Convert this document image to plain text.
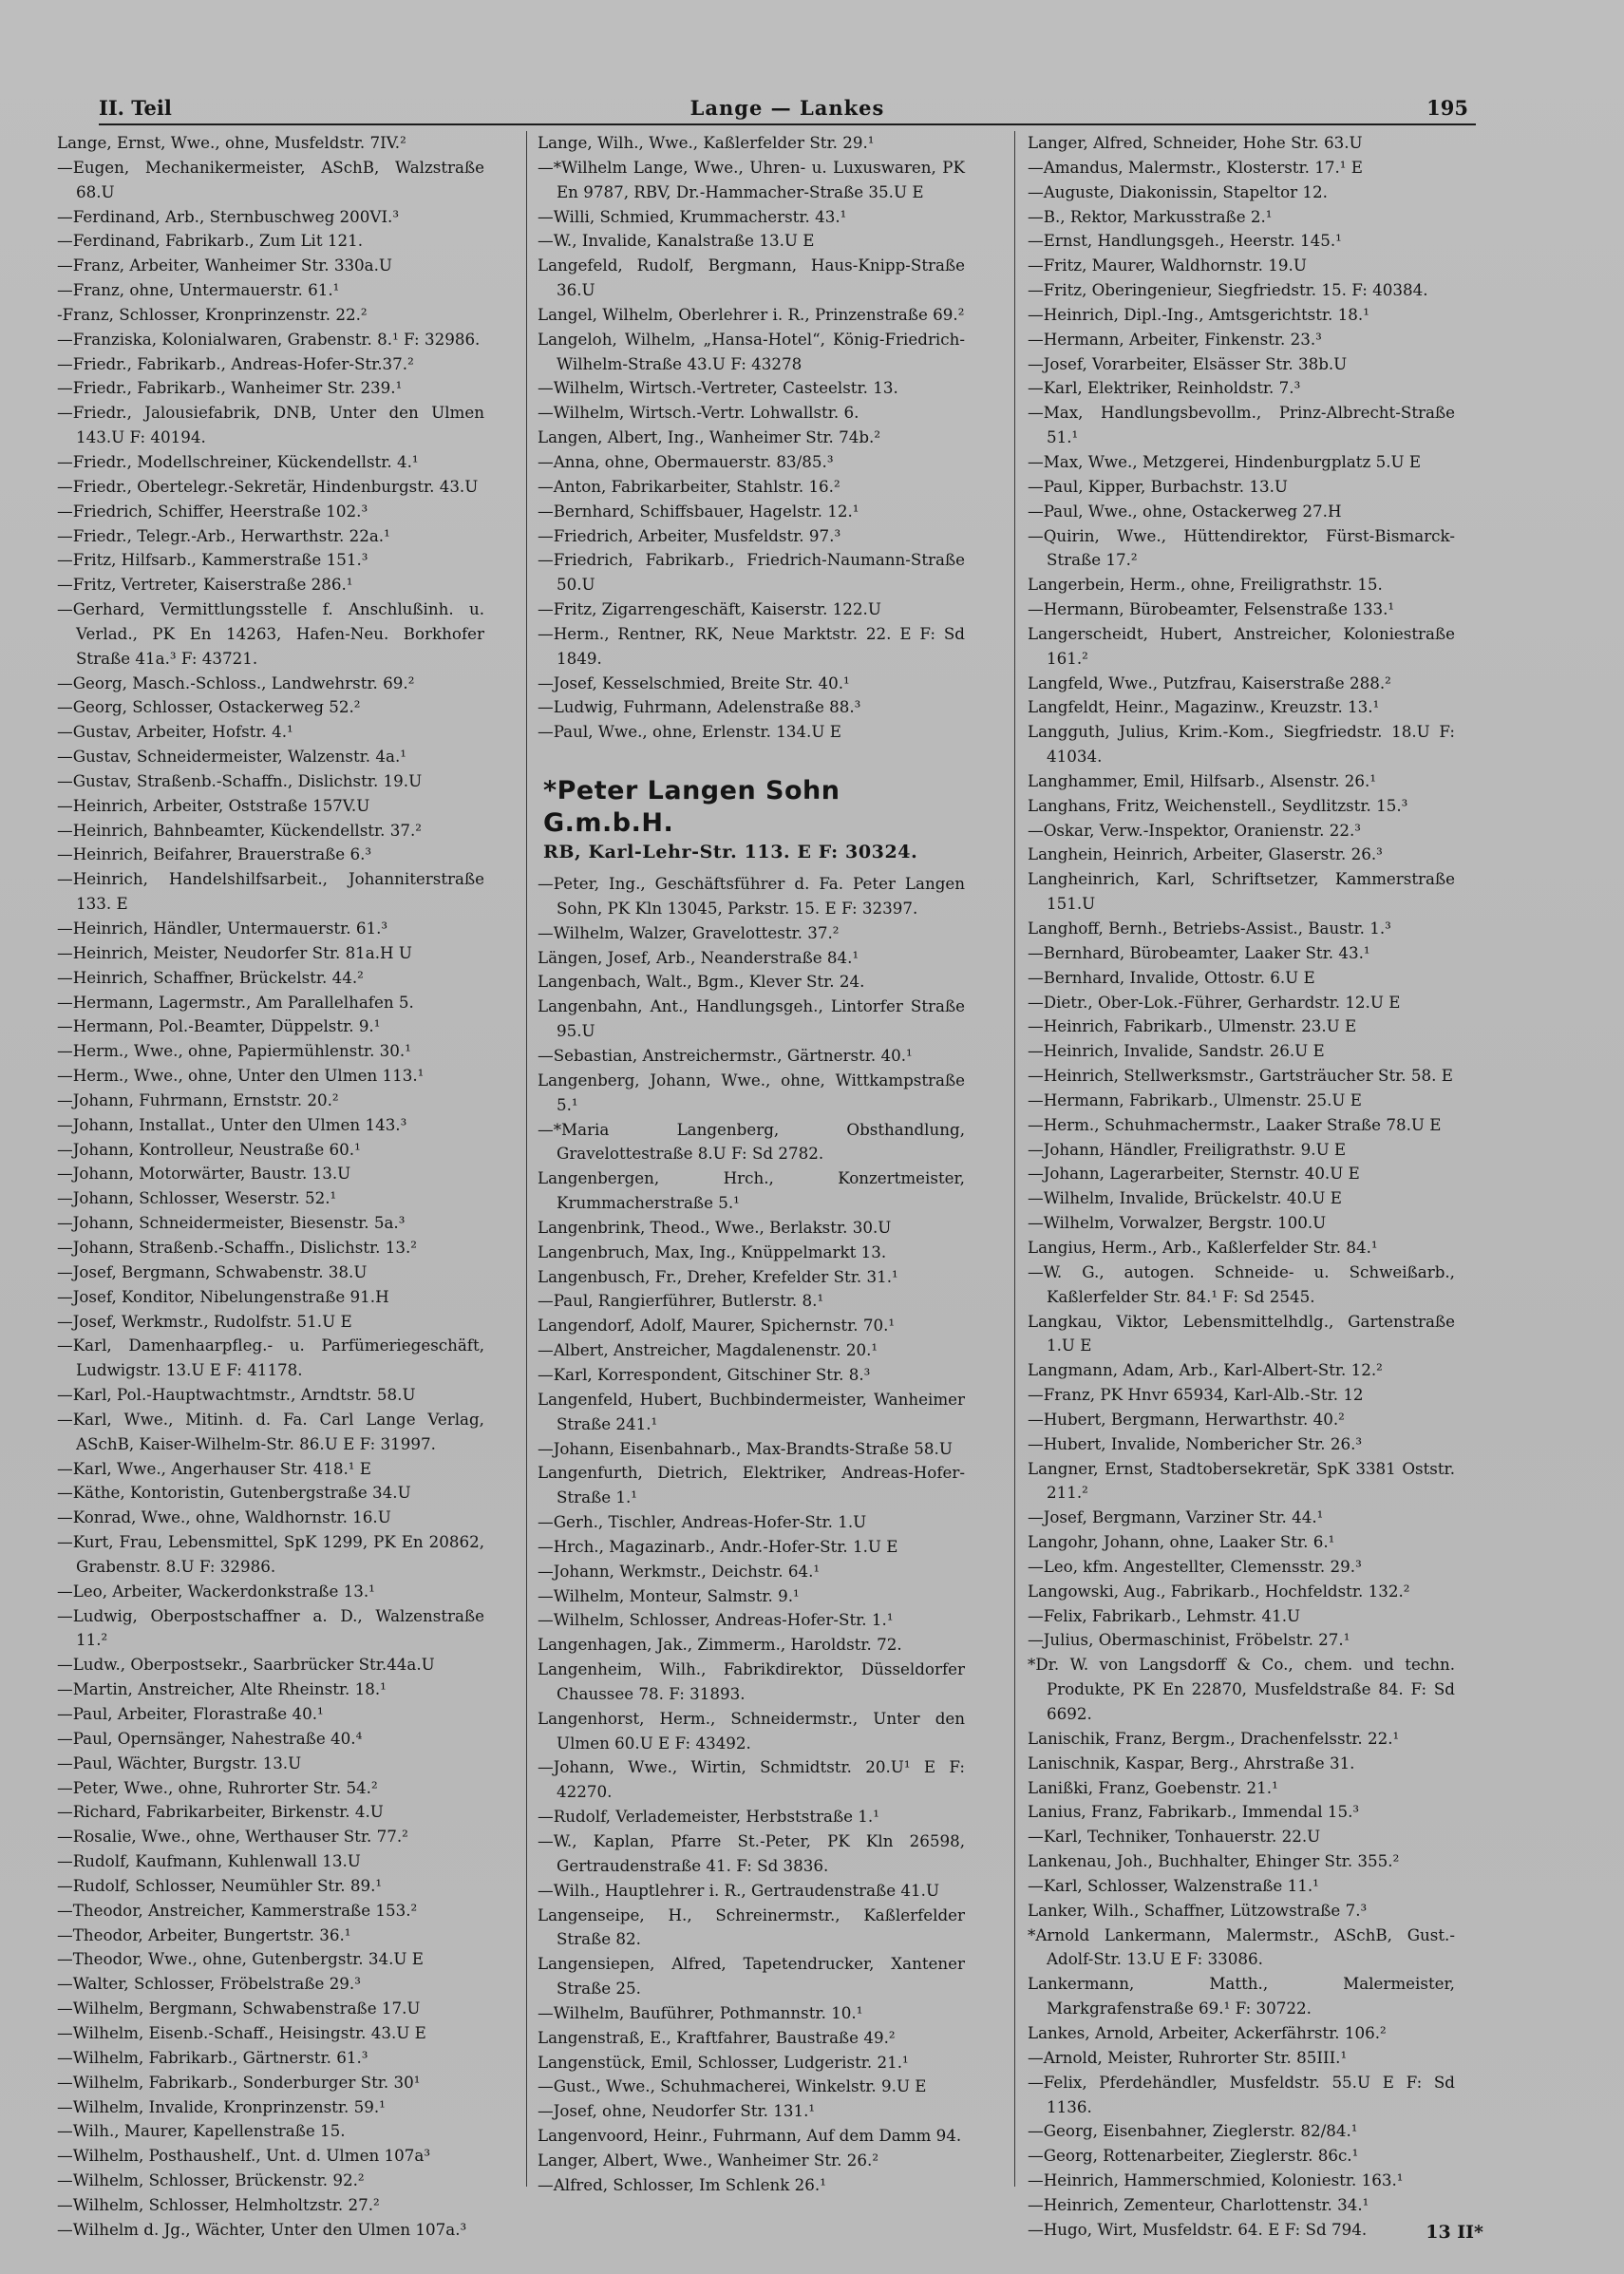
II. Teil	Lange — Lankes	195

Lange, Ernst, Wwe., ohne, Musfeldstr. 7IV.²

—Eugen, Mechanikermeister, ASchB, Walzstraße 68.U

—Ferdinand, Arb., Sternbuschweg 200VI.³

—Ferdinand, Fabrikarb., Zum Lit 121.

—Franz, Arbeiter, Wanheimer Str. 330a.U

—Franz, ohne, Untermauerstr. 61.¹

-Franz, Schlosser, Kronprinzenstr. 22.²

—Franziska, Kolonialwaren, Grabenstr. 8.¹ F: 32986.

—Friedr., Fabrikarb., Andreas-Hofer-Str.37.²

—Friedr., Fabrikarb., Wanheimer Str. 239.¹

—Friedr., Jalousiefabrik, DNB, Unter den Ulmen 143.U F: 40194.

—Friedr., Modellschreiner, Kückendellstr. 4.¹

—Friedr., Obertelegr.-Sekretär, Hindenburgstr. 43.U

—Friedrich, Schiffer, Heerstraße 102.³

—Friedr., Telegr.-Arb., Herwarthstr. 22a.¹

—Fritz, Hilfsarb., Kammerstraße 151.³

—Fritz, Vertreter, Kaiserstraße 286.¹

—Gerhard, Vermittlungsstelle f. Anschlußinh. u. Verlad., PK En 14263, Hafen-Neu. Borkhofer Straße 41a.³ F: 43721.

—Georg, Masch.-Schloss., Landwehrstr. 69.²

—Georg, Schlosser, Ostackerweg 52.²

—Gustav, Arbeiter, Hofstr. 4.¹

—Gustav, Schneidermeister, Walzenstr. 4a.¹

—Gustav, Straßenb.-Schaffn., Dislichstr. 19.U

—Heinrich, Arbeiter, Oststraße 157V.U

—Heinrich, Bahnbeamter, Kückendellstr. 37.²

—Heinrich, Beifahrer, Brauerstraße 6.³

—Heinrich, Handelshilfsarbeit., Johanniterstraße 133. E

—Heinrich, Händler, Untermauerstr. 61.³

—Heinrich, Meister, Neudorfer Str. 81a.H U

—Heinrich, Schaffner, Brückelstr. 44.²

—Hermann, Lagermstr., Am Parallelhafen 5.

—Hermann, Pol.-Beamter, Düppelstr. 9.¹

—Herm., Wwe., ohne, Papiermühlenstr. 30.¹

—Herm., Wwe., ohne, Unter den Ulmen 113.¹

—Johann, Fuhrmann, Ernststr. 20.²

—Johann, Installat., Unter den Ulmen 143.³

—Johann, Kontrolleur, Neustraße 60.¹

—Johann, Motorwärter, Baustr. 13.U

—Johann, Schlosser, Weserstr. 52.¹

—Johann, Schneidermeister, Biesenstr. 5a.³

—Johann, Straßenb.-Schaffn., Dislichstr. 13.²

—Josef, Bergmann, Schwabenstr. 38.U

—Josef, Konditor, Nibelungenstraße 91.H

—Josef, Werkmstr., Rudolfstr. 51.U E

—Karl, Damenhaarpfleg.- u. Parfümeriegeschäft, Ludwigstr. 13.U E F: 41178.

—Karl, Pol.-Hauptwachtmstr., Arndtstr. 58.U

—Karl, Wwe., Mitinh. d. Fa. Carl Lange Verlag, ASchB, Kaiser-Wilhelm-Str. 86.U E F: 31997.

—Karl, Wwe., Angerhauser Str. 418.¹ E

—Käthe, Kontoristin, Gutenbergstraße 34.U

—Konrad, Wwe., ohne, Waldhornstr. 16.U

—Kurt, Frau, Lebensmittel, SpK 1299, PK En 20862, Grabenstr. 8.U F: 32986.

—Leo, Arbeiter, Wackerdonkstraße 13.¹

—Ludwig, Oberpostschaffner a. D., Walzenstraße 11.²

—Ludw., Oberpostsekr., Saarbrücker Str.44a.U

—Martin, Anstreicher, Alte Rheinstr. 18.¹

—Paul, Arbeiter, Florastraße 40.¹

—Paul, Opernsänger, Nahestraße 40.⁴

—Paul, Wächter, Burgstr. 13.U

—Peter, Wwe., ohne, Ruhrorter Str. 54.²

—Richard, Fabrikarbeiter, Birkenstr. 4.U

—Rosalie, Wwe., ohne, Werthauser Str. 77.²

—Rudolf, Kaufmann, Kuhlenwall 13.U

—Rudolf, Schlosser, Neumühler Str. 89.¹

—Theodor, Anstreicher, Kammerstraße 153.²

—Theodor, Arbeiter, Bungertstr. 36.¹

—Theodor, Wwe., ohne, Gutenbergstr. 34.U E

—Walter, Schlosser, Fröbelstraße 29.³

—Wilhelm, Bergmann, Schwabenstraße 17.U

—Wilhelm, Eisenb.-Schaff., Heisingstr. 43.U E

—Wilhelm, Fabrikarb., Gärtnerstr. 61.³

—Wilhelm, Fabrikarb., Sonderburger Str. 30¹

—Wilhelm, Invalide, Kronprinzenstr. 59.¹

—Wilh., Maurer, Kapellenstraße 15.

—Wilhelm, Posthaushelf., Unt. d. Ulmen 107a³

—Wilhelm, Schlosser, Brückenstr. 92.²

—Wilhelm, Schlosser, Helmholtzstr. 27.²

—Wilhelm d. Jg., Wächter, Unter den Ulmen 107a.³

Lange, Wilh., Wwe., Kaßlerfelder Str. 29.¹

—*Wilhelm Lange, Wwe., Uhren- u. Luxuswaren, PK En 9787, RBV, Dr.-Hammacher-Straße 35.U E

—Willi, Schmied, Krummacherstr. 43.¹

—W., Invalide, Kanalstraße 13.U E

Langefeld, Rudolf, Bergmann, Haus-Knipp-Straße 36.U

Langel, Wilhelm, Oberlehrer i. R., Prinzenstraße 69.²

Langeloh, Wilhelm, „Hansa-Hotel“, König-Friedrich-Wilhelm-Straße 43.U F: 43278

—Wilhelm, Wirtsch.-Vertreter, Casteelstr. 13.

—Wilhelm, Wirtsch.-Vertr. Lohwallstr. 6.

Langen, Albert, Ing., Wanheimer Str. 74b.²

—Anna, ohne, Obermauerstr. 83/85.³

—Anton, Fabrikarbeiter, Stahlstr. 16.²

—Bernhard, Schiffsbauer, Hagelstr. 12.¹

—Friedrich, Arbeiter, Musfeldstr. 97.³

—Friedrich, Fabrikarb., Friedrich-Naumann-Straße 50.U

—Fritz, Zigarrengeschäft, Kaiserstr. 122.U

—Herm., Rentner, RK, Neue Marktstr. 22. E F: Sd 1849.

—Josef, Kesselschmied, Breite Str. 40.¹

—Ludwig, Fuhrmann, Adelenstraße 88.³

—Paul, Wwe., ohne, Erlenstr. 134.U E

*Peter Langen Sohn G.m.b.H.
RB, Karl-Lehr-Str. 113. E F: 30324.

—Peter, Ing., Geschäftsführer d. Fa. Peter Langen Sohn, PK Kln 13045, Parkstr. 15. E F: 32397.

—Wilhelm, Walzer, Gravelottestr. 37.²

Längen, Josef, Arb., Neanderstraße 84.¹

Langenbach, Walt., Bgm., Klever Str. 24.

Langenbahn, Ant., Handlungsgeh., Lintorfer Straße 95.U

—Sebastian, Anstreichermstr., Gärtnerstr. 40.¹

Langenberg, Johann, Wwe., ohne, Wittkampstraße 5.¹

—*Maria Langenberg, Obsthandlung, Gravelottestraße 8.U F: Sd 2782.

Langenbergen, Hrch., Konzertmeister, Krummacherstraße 5.¹

Langenbrink, Theod., Wwe., Berlakstr. 30.U

Langenbruch, Max, Ing., Knüppelmarkt 13.

Langenbusch, Fr., Dreher, Krefelder Str. 31.¹

—Paul, Rangierführer, Butlerstr. 8.¹

Langendorf, Adolf, Maurer, Spichernstr. 70.¹

—Albert, Anstreicher, Magdalenenstr. 20.¹

—Karl, Korrespondent, Gitschiner Str. 8.³

Langenfeld, Hubert, Buchbindermeister, Wanheimer Straße 241.¹

—Johann, Eisenbahnarb., Max-Brandts-Straße 58.U

Langenfurth, Dietrich, Elektriker, Andreas-Hofer-Straße 1.¹

—Gerh., Tischler, Andreas-Hofer-Str. 1.U

—Hrch., Magazinarb., Andr.-Hofer-Str. 1.U E

—Johann, Werkmstr., Deichstr. 64.¹

—Wilhelm, Monteur, Salmstr. 9.¹

—Wilhelm, Schlosser, Andreas-Hofer-Str. 1.¹

Langenhagen, Jak., Zimmerm., Haroldstr. 72.

Langenheim, Wilh., Fabrikdirektor, Düsseldorfer Chaussee 78. F: 31893.

Langenhorst, Herm., Schneidermstr., Unter den Ulmen 60.U E F: 43492.

—Johann, Wwe., Wirtin, Schmidtstr. 20.U¹ E F: 42270.

—Rudolf, Verlademeister, Herbststraße 1.¹

—W., Kaplan, Pfarre St.-Peter, PK Kln 26598, Gertraudenstraße 41. F: Sd 3836.

—Wilh., Hauptlehrer i. R., Gertraudenstraße 41.U

Langenseipe, H., Schreinermstr., Kaßlerfelder Straße 82.

Langensiepen, Alfred, Tapetendrucker, Xantener Straße 25.

—Wilhelm, Bauführer, Pothmannstr. 10.¹

Langenstraß, E., Kraftfahrer, Baustraße 49.²

Langenstück, Emil, Schlosser, Ludgeristr. 21.¹

—Gust., Wwe., Schuhmacherei, Winkelstr. 9.U E

—Josef, ohne, Neudorfer Str. 131.¹

Langenvoord, Heinr., Fuhrmann, Auf dem Damm 94.

Langer, Albert, Wwe., Wanheimer Str. 26.²

—Alfred, Schlosser, Im Schlenk 26.¹

Langer, Alfred, Schneider, Hohe Str. 63.U

—Amandus, Malermstr., Klosterstr. 17.¹ E

—Auguste, Diakonissin, Stapeltor 12.

—B., Rektor, Markusstraße 2.¹

—Ernst, Handlungsgeh., Heerstr. 145.¹

—Fritz, Maurer, Waldhornstr. 19.U

—Fritz, Oberingenieur, Siegfriedstr. 15. F: 40384.

—Heinrich, Dipl.-Ing., Amtsgerichtstr. 18.¹

—Hermann, Arbeiter, Finkenstr. 23.³

—Josef, Vorarbeiter, Elsässer Str. 38b.U

—Karl, Elektriker, Reinholdstr. 7.³

—Max, Handlungsbevollm., Prinz-Albrecht-Straße 51.¹

—Max, Wwe., Metzgerei, Hindenburgplatz 5.U E

—Paul, Kipper, Burbachstr. 13.U

—Paul, Wwe., ohne, Ostackerweg 27.H

—Quirin, Wwe., Hüttendirektor, Fürst-Bismarck-Straße 17.²

Langerbein, Herm., ohne, Freiligrathstr. 15.

—Hermann, Bürobeamter, Felsenstraße 133.¹

Langerscheidt, Hubert, Anstreicher, Koloniestraße 161.²

Langfeld, Wwe., Putzfrau, Kaiserstraße 288.²

Langfeldt, Heinr., Magazinw., Kreuzstr. 13.¹

Langguth, Julius, Krim.-Kom., Siegfriedstr. 18.U F: 41034.

Langhammer, Emil, Hilfsarb., Alsenstr. 26.¹

Langhans, Fritz, Weichenstell., Seydlitzstr. 15.³

—Oskar, Verw.-Inspektor, Oranienstr. 22.³

Langhein, Heinrich, Arbeiter, Glaserstr. 26.³

Langheinrich, Karl, Schriftsetzer, Kammerstraße 151.U

Langhoff, Bernh., Betriebs-Assist., Baustr. 1.³

—Bernhard, Bürobeamter, Laaker Str. 43.¹

—Bernhard, Invalide, Ottostr. 6.U E

—Dietr., Ober-Lok.-Führer, Gerhardstr. 12.U E

—Heinrich, Fabrikarb., Ulmenstr. 23.U E

—Heinrich, Invalide, Sandstr. 26.U E

—Heinrich, Stellwerksmstr., Gartsträucher Str. 58. E

—Hermann, Fabrikarb., Ulmenstr. 25.U E

—Herm., Schuhmachermstr., Laaker Straße 78.U E

—Johann, Händler, Freiligrathstr. 9.U E

—Johann, Lagerarbeiter, Sternstr. 40.U E

—Wilhelm, Invalide, Brückelstr. 40.U E

—Wilhelm, Vorwalzer, Bergstr. 100.U

Langius, Herm., Arb., Kaßlerfelder Str. 84.¹

—W. G., autogen. Schneide- u. Schweißarb., Kaßlerfelder Str. 84.¹ F: Sd 2545.

Langkau, Viktor, Lebensmittelhdlg., Gartenstraße 1.U E

Langmann, Adam, Arb., Karl-Albert-Str. 12.²

—Franz, PK Hnvr 65934, Karl-Alb.-Str. 12

—Hubert, Bergmann, Herwarthstr. 40.²

—Hubert, Invalide, Nombericher Str. 26.³

Langner, Ernst, Stadtobersekretär, SpK 3381 Oststr. 211.²

—Josef, Bergmann, Varziner Str. 44.¹

Langohr, Johann, ohne, Laaker Str. 6.¹

—Leo, kfm. Angestellter, Clemensstr. 29.³

Langowski, Aug., Fabrikarb., Hochfeldstr. 132.²

—Felix, Fabrikarb., Lehmstr. 41.U

—Julius, Obermaschinist, Fröbelstr. 27.¹

*Dr. W. von Langsdorff & Co., chem. und techn. Produkte, PK En 22870, Musfeldstraße 84. F: Sd 6692.

Lanischik, Franz, Bergm., Drachenfelsstr. 22.¹

Lanischnik, Kaspar, Berg., Ahrstraße 31.

Lanißki, Franz, Goebenstr. 21.¹

Lanius, Franz, Fabrikarb., Immendal 15.³

—Karl, Techniker, Tonhauerstr. 22.U

Lankenau, Joh., Buchhalter, Ehinger Str. 355.²

—Karl, Schlosser, Walzenstraße 11.¹

Lanker, Wilh., Schaffner, Lützowstraße 7.³

*Arnold Lankermann, Malermstr., ASchB, Gust.-Adolf-Str. 13.U E F: 33086.

Lankermann, Matth., Malermeister, Markgrafenstraße 69.¹ F: 30722.

Lankes, Arnold, Arbeiter, Ackerfährstr. 106.²

—Arnold, Meister, Ruhrorter Str. 85III.¹

—Felix, Pferdehändler, Musfeldstr. 55.U E F: Sd 1136.

—Georg, Eisenbahner, Zieglerstr. 82/84.¹

—Georg, Rottenarbeiter, Zieglerstr. 86c.¹

—Heinrich, Hammerschmied, Koloniestr. 163.¹

—Heinrich, Zementeur, Charlottenstr. 34.¹

—Hugo, Wirt, Musfeldstr. 64. E F: Sd 794.	13 II*
